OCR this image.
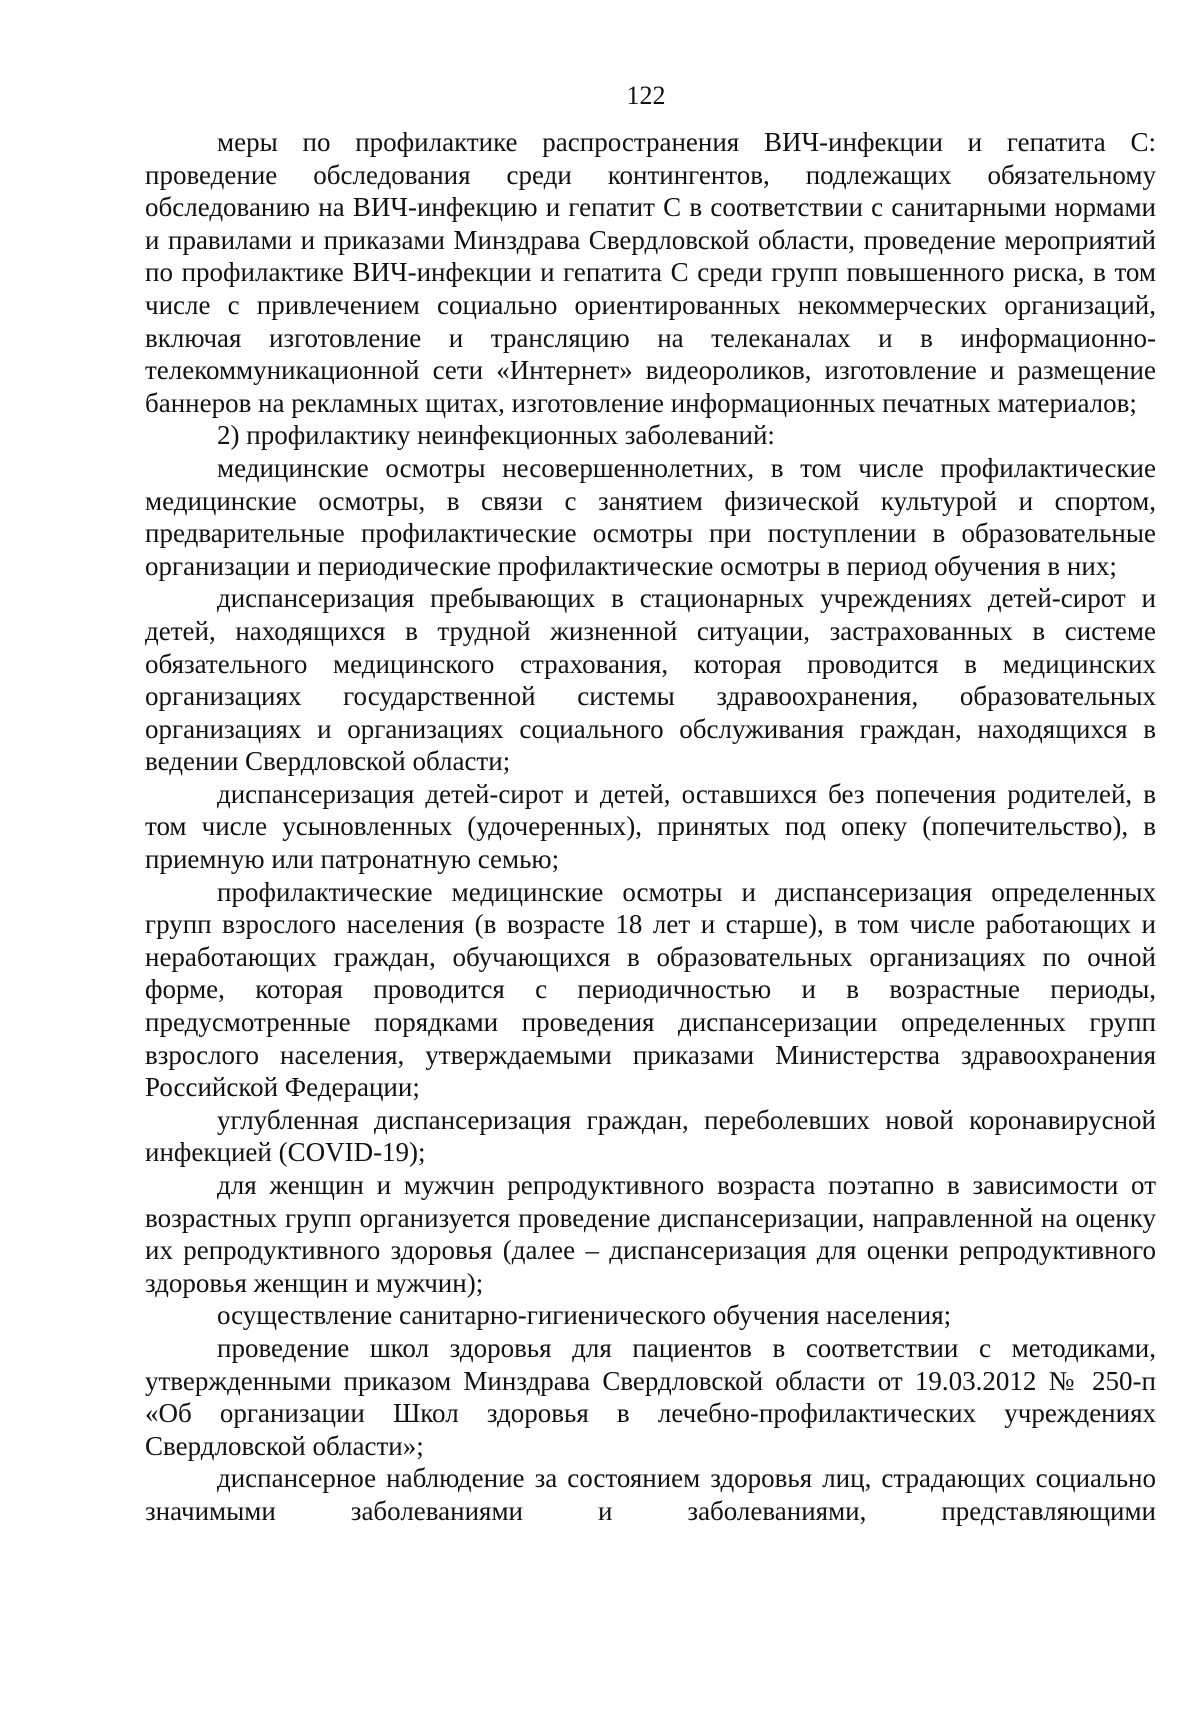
122

меры по профилактике распространения ВИЧ-инфекции и гепатита С: проведение обследования среди контингентов, подлежащих обязательному обследованию на ВИЧ-инфекцию и гепатит С в соответствии с санитарными нормами и правилами и приказами Минздрава Свердловской области, проведение мероприятий по профилактике ВИЧ-инфекции и гепатита С среди групп повышенного риска, в том числе с привлечением социально ориентированных некоммерческих организаций, включая изготовление и трансляцию на телеканалах и в информационно-телекоммуникационной сети «Интернет» видеороликов, изготовление и размещение баннеров на рекламных щитах, изготовление информационных печатных материалов;

2) профилактику неинфекционных заболеваний:

медицинские осмотры несовершеннолетних, в том числе профилактические медицинские осмотры, в связи с занятием физической культурой и спортом, предварительные профилактические осмотры при поступлении в образовательные организации и периодические профилактические осмотры в период обучения в них;

диспансеризация пребывающих в стационарных учреждениях детей-сирот и детей, находящихся в трудной жизненной ситуации, застрахованных в системе обязательного медицинского страхования, которая проводится в медицинских организациях государственной системы здравоохранения, образовательных организациях и организациях социального обслуживания граждан, находящихся в ведении Свердловской области;

диспансеризация детей-сирот и детей, оставшихся без попечения родителей, в том числе усыновленных (удочеренных), принятых под опеку (попечительство), в приемную или патронатную семью;

профилактические медицинские осмотры и диспансеризация определенных групп взрослого населения (в возрасте 18 лет и старше), в том числе работающих и неработающих граждан, обучающихся в образовательных организациях по очной форме, которая проводится с периодичностью и в возрастные периоды, предусмотренные порядками проведения диспансеризации определенных групп взрослого населения, утверждаемыми приказами Министерства здравоохранения Российской Федерации;

углубленная диспансеризация граждан, переболевших новой коронавирусной инфекцией (COVID-19);

для женщин и мужчин репродуктивного возраста поэтапно в зависимости от возрастных групп организуется проведение диспансеризации, направленной на оценку их репродуктивного здоровья (далее – диспансеризация для оценки репродуктивного здоровья женщин и мужчин);

осуществление санитарно-гигиенического обучения населения;

проведение школ здоровья для пациентов в соответствии с методиками, утвержденными приказом Минздрава Свердловской области от 19.03.2012 № 250-п «Об организации Школ здоровья в лечебно-профилактических учреждениях Свердловской области»;

диспансерное наблюдение за состоянием здоровья лиц, страдающих социально значимыми заболеваниями и заболеваниями, представляющими
